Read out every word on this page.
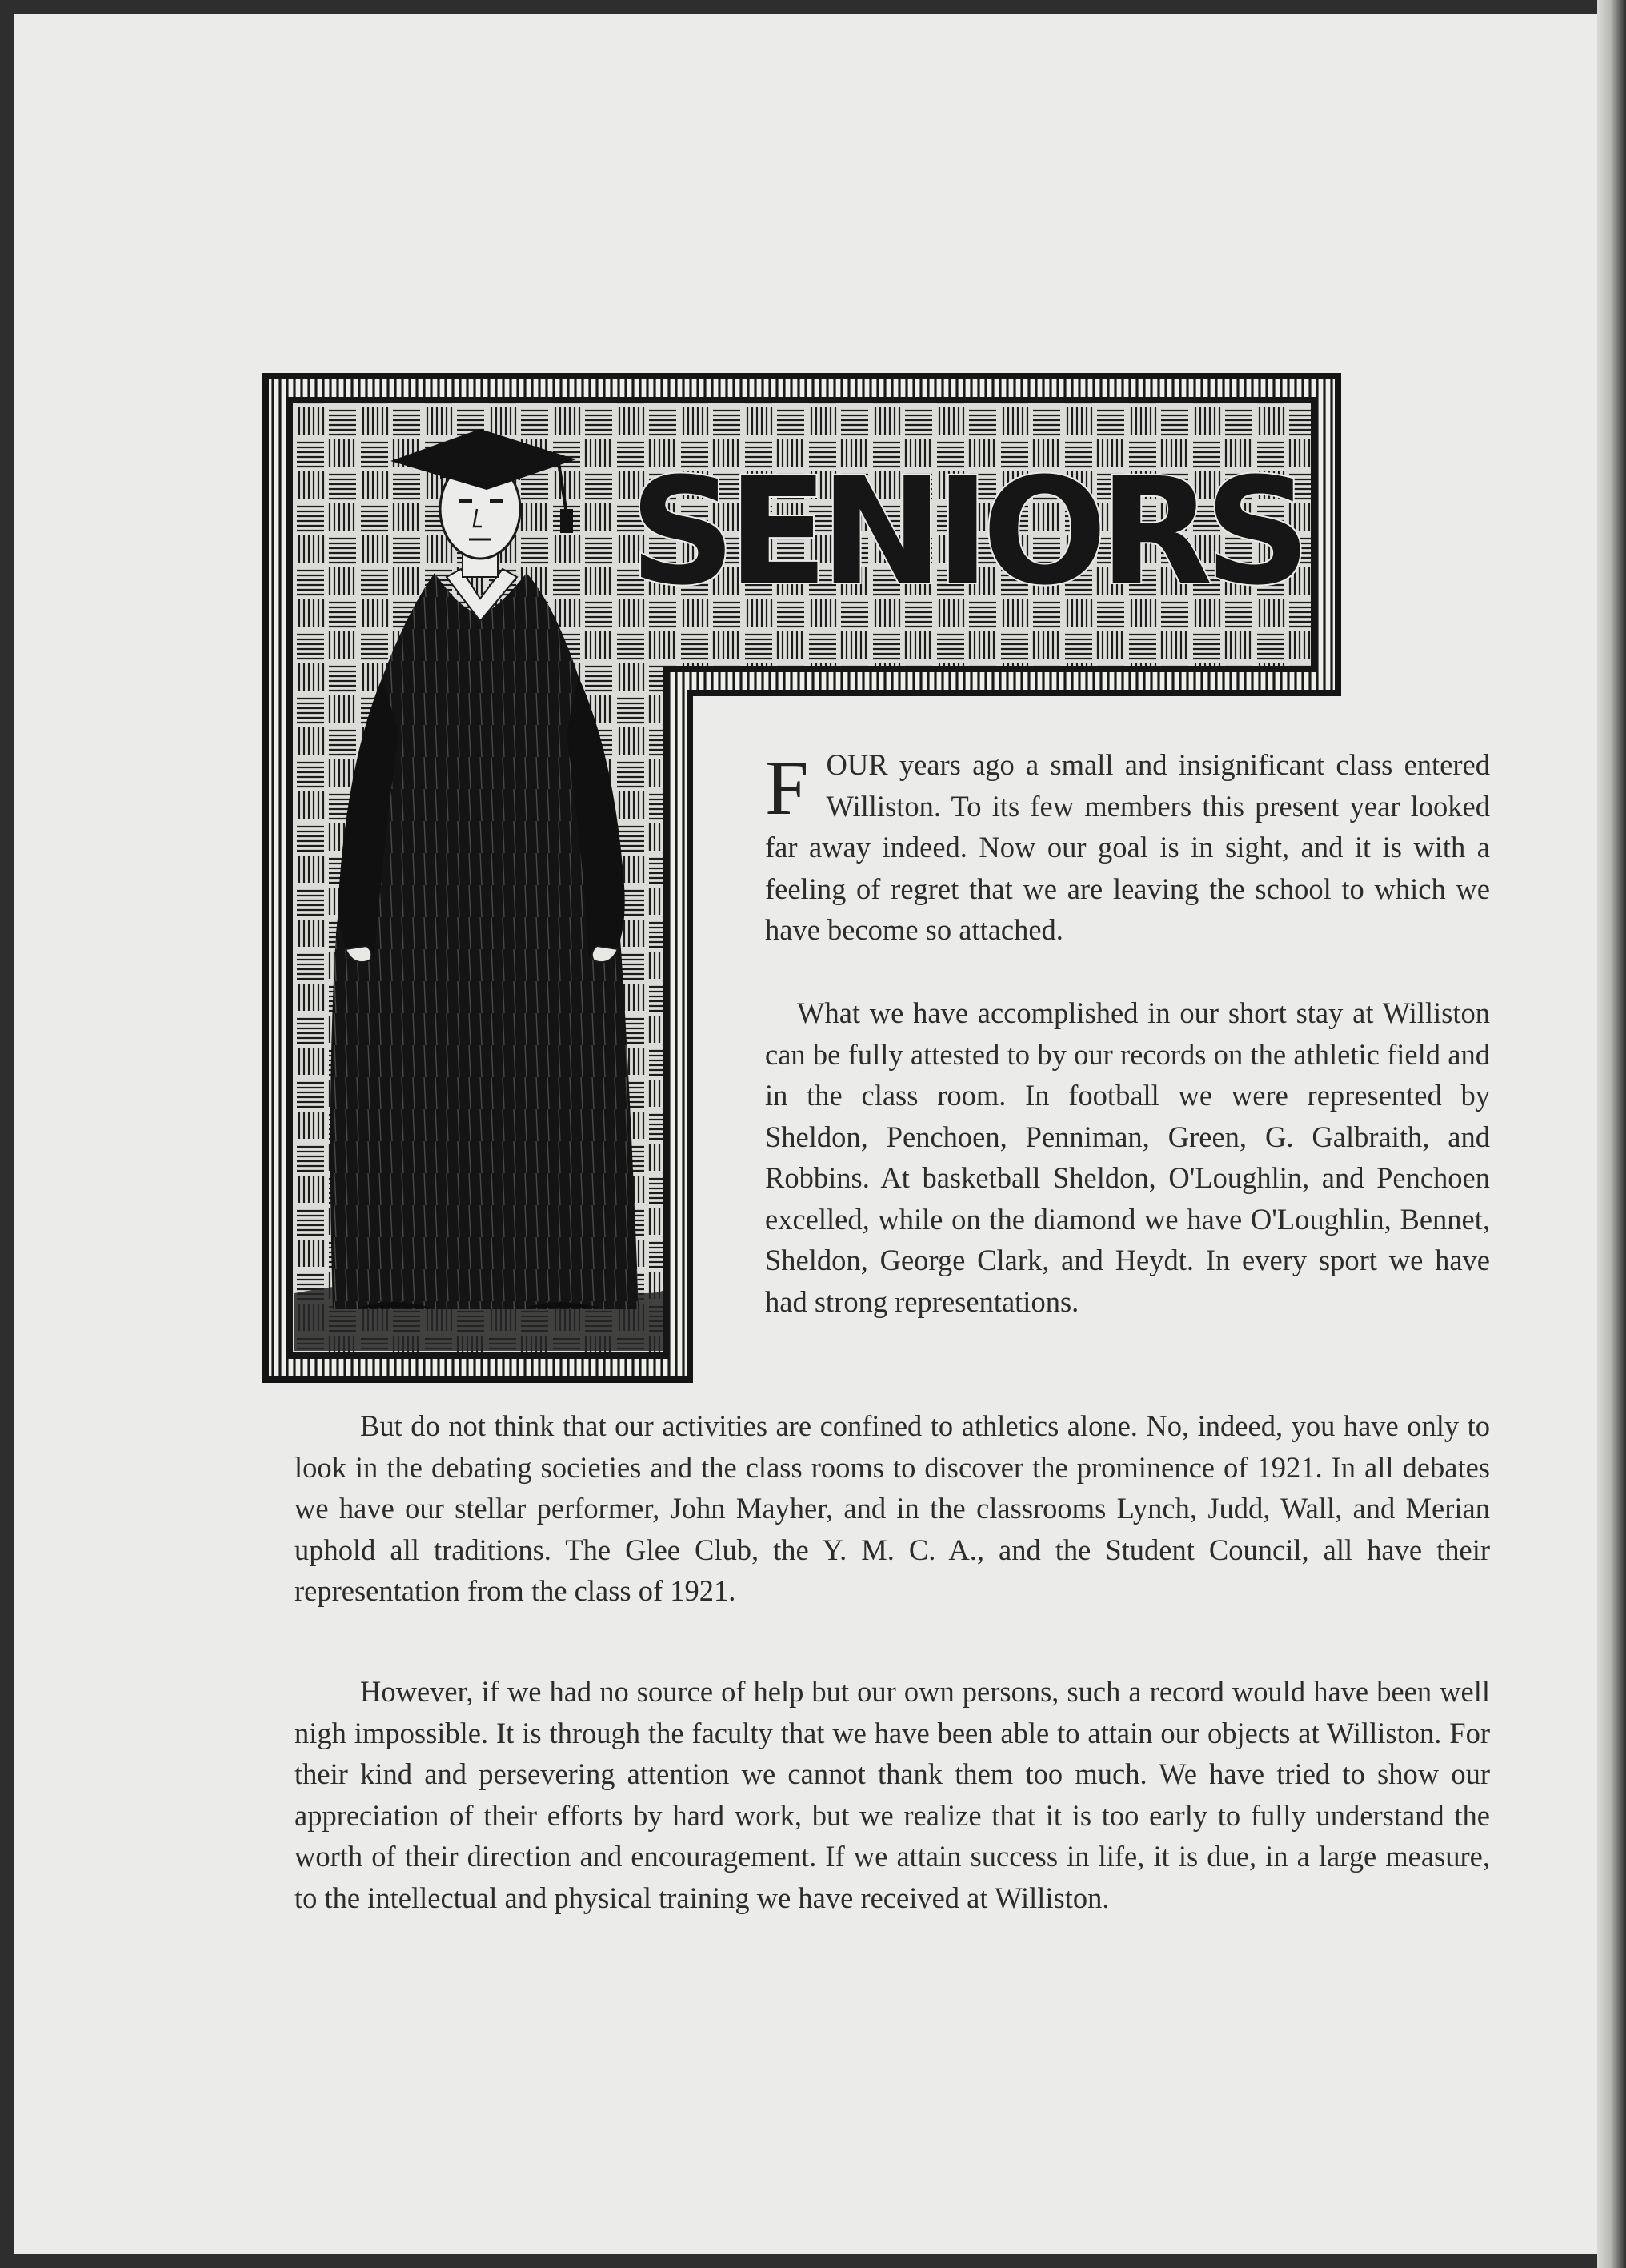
SENIORS

FOUR years ago a small and insignificant class entered Williston. To its few members this present year looked far away indeed. Now our goal is in sight, and it is with a feeling of regret that we are leaving the school to which we have become so attached.

What we have accomplished in our short stay at Williston can be fully attested to by our records on the athletic field and in the class room. In football we were represented by Sheldon, Penchoen, Penniman, Green, G. Galbraith, and Robbins. At basketball Sheldon, O'Loughlin, and Penchoen excelled, while on the diamond we have O'Loughlin, Bennet, Sheldon, George Clark, and Heydt. In every sport we have had strong representations.

But do not think that our activities are confined to athletics alone. No, indeed, you have only to look in the debating societies and the class rooms to discover the prominence of 1921. In all debates we have our stellar performer, John Mayher, and in the classrooms Lynch, Judd, Wall, and Merian uphold all traditions. The Glee Club, the Y. M. C. A., and the Student Council, all have their representation from the class of 1921.

However, if we had no source of help but our own persons, such a record would have been well nigh impossible. It is through the faculty that we have been able to attain our objects at Williston. For their kind and persevering attention we cannot thank them too much. We have tried to show our appreciation of their efforts by hard work, but we realize that it is too early to fully understand the worth of their direction and encouragement. If we attain success in life, it is due, in a large measure, to the intellectual and physical training we have received at Williston.
